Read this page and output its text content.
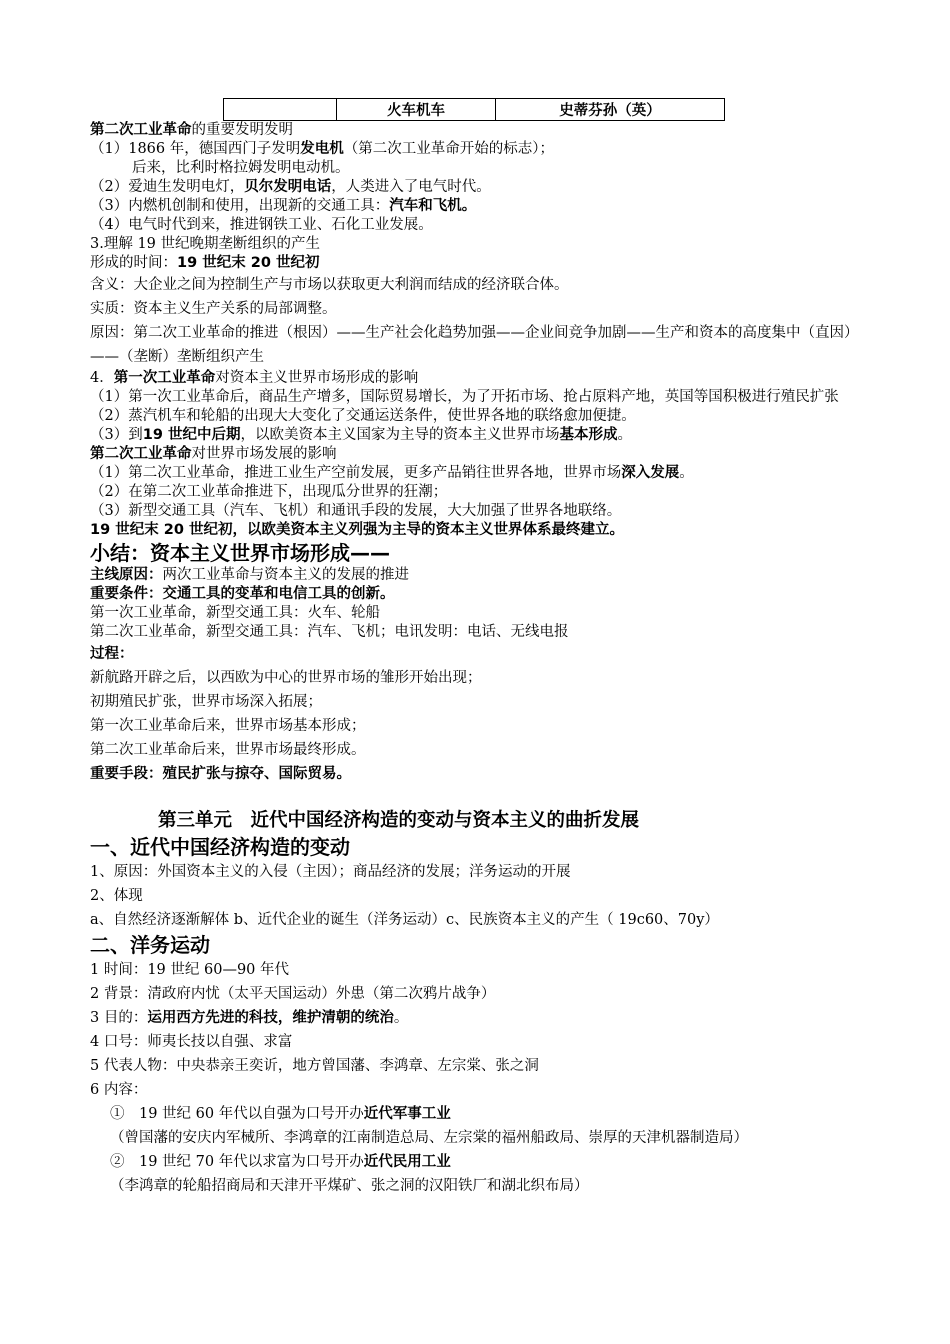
	火车机车	史蒂芬孙（英）
第二次工业革命的重要发明发明
（1）1866 年，德国西门子发明发电机（第二次工业革命开始的标志）；
后来，比利时格拉姆发明电动机。
（2）爱迪生发明电灯，贝尔发明电话，人类进入了电气时代。
（3）内燃机创制和使用，出现新的交通工具：汽车和飞机。
（4）电气时代到来，推进钢铁工业、石化工业发展。
3.理解 19 世纪晚期垄断组织的产生
形成的时间：19 世纪末 20 世纪初
含义：大企业之间为控制生产与市场以获取更大利润而结成的经济联合体。
实质：资本主义生产关系的局部调整。
原因：第二次工业革命的推进（根因）——生产社会化趋势加强——企业间竞争加剧——生产和资本的高度集中（直因）——（垄断）垄断组织产生
4．第一次工业革命对资本主义世界市场形成的影响
（1）第一次工业革命后，商品生产增多，国际贸易增长，为了开拓市场、抢占原料产地，英国等国积极进行殖民扩张
（2）蒸汽机车和轮船的出现大大变化了交通运送条件，使世界各地的联络愈加便捷。
（3）到19 世纪中后期，以欧美资本主义国家为主导的资本主义世界市场基本形成。
第二次工业革命对世界市场发展的影响
（1）第二次工业革命，推进工业生产空前发展，更多产品销往世界各地，世界市场深入发展。
（2）在第二次工业革命推进下，出现瓜分世界的狂潮；
（3）新型交通工具（汽车、飞机）和通讯手段的发展，大大加强了世界各地联络。
19 世纪末 20 世纪初，以欧美资本主义列强为主导的资本主义世界体系最终建立。
小结：资本主义世界市场形成——
主线原因：两次工业革命与资本主义的发展的推进
重要条件：交通工具的变革和电信工具的创新。
第一次工业革命，新型交通工具：火车、轮船
第二次工业革命，新型交通工具：汽车、飞机；电讯发明：电话、无线电报
过程：
新航路开辟之后，以西欧为中心的世界市场的雏形开始出现；
初期殖民扩张，世界市场深入拓展；
第一次工业革命后来，世界市场基本形成；
第二次工业革命后来，世界市场最终形成。
重要手段：殖民扩张与掠夺、国际贸易。
第三单元　近代中国经济构造的变动与资本主义的曲折发展
一、近代中国经济构造的变动
1、原因：外国资本主义的入侵（主因）；商品经济的发展；洋务运动的开展
2、体现
a、自然经济逐渐解体 b、近代企业的诞生（洋务运动）c、民族资本主义的产生（ 19c60、70y）
二、洋务运动
1 时间：19 世纪 60—90 年代
2 背景：清政府内忧（太平天国运动）外患（第二次鸦片战争）
3 目的：运用西方先进的科技，维护清朝的统治。
4 口号：师夷长技以自强、求富
5 代表人物：中央恭亲王奕䜣，地方曾国藩、李鸿章、左宗棠、张之洞
6 内容：
①　19 世纪 60 年代以自强为口号开办近代军事工业
（曾国藩的安庆内军械所、李鸿章的江南制造总局、左宗棠的福州船政局、崇厚的天津机器制造局）
②　19 世纪 70 年代以求富为口号开办近代民用工业
（李鸿章的轮船招商局和天津开平煤矿、张之洞的汉阳铁厂和湖北织布局）
